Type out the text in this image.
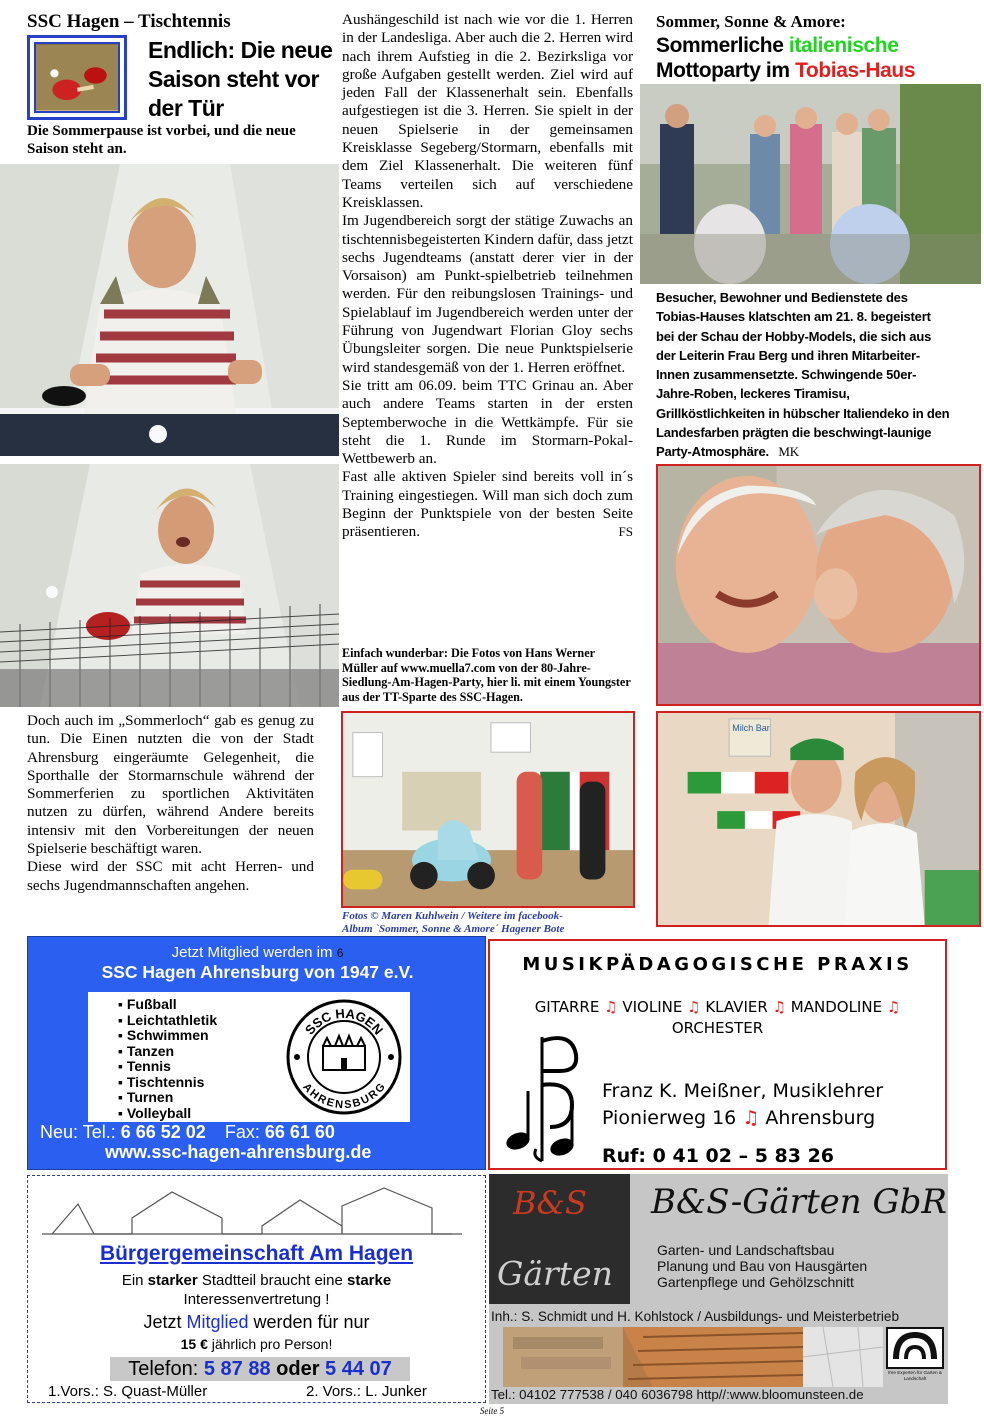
SSC Hagen – Tischtennis
Endlich: Die neue
Saison steht vor
der Tür
Die Sommerpause ist vorbei, und die neue Saison steht an.

Doch auch im „Sommerloch“ gab es genug zu tun. Die Einen nutzten die von der Stadt Ahrensburg eingeräumte Gelegenheit, die Sporthalle der Stormarnschule während der Sommerferien zu sportlichen Aktivitäten nutzen zu dürfen, während Andere bereits intensiv mit den Vorbereitungen der neuen Spielserie beschäftigt waren.

Diese wird der SSC mit acht Herren- und sechs Jugendmannschaften angehen.

Aushängeschild ist nach wie vor die 1. Herren in der Landesliga. Aber auch die 2. Herren wird nach ihrem Aufstieg in die 2. Bezirksliga vor große Aufgaben gestellt werden. Ziel wird auf jeden Fall der Klassenerhalt sein. Ebenfalls aufgestiegen ist die 3. Herren. Sie spielt in der neuen Spielserie in der gemeinsamen Kreisklasse Segeberg/Stormarn, ebenfalls mit dem Ziel Klassenerhalt. Die weiteren fünf Teams verteilen sich auf verschiedene Kreisklassen.

Im Jugendbereich sorgt der stätige Zuwachs an tischtennisbegeisterten Kindern dafür, dass jetzt sechs Jugendteams (anstatt derer vier in der Vorsaison) am Punkt-spielbetrieb teilnehmen werden. Für den reibungslosen Trainings- und Spielablauf im Jugendbereich werden unter der Führung von Jugendwart Florian Gloy sechs Übungsleiter sorgen. Die neue Punktspielserie wird standesgemäß von der 1. Herren eröffnet.

Sie tritt am 06.09. beim TTC Grinau an. Aber auch andere Teams starten in der ersten Septemberwoche in die Wettkämpfe. Für sie steht die 1. Runde im Stormarn-Pokal-Wettbewerb an.

Fast alle aktiven Spieler sind bereits voll in´s Training eingestiegen. Will man sich doch zum Beginn der Punktspiele von der besten Seite präsentieren.	FS

Einfach wunderbar: Die Fotos von Hans Werner Müller auf www.muella7.com von der 80-Jahre-Siedlung-Am-Hagen-Party, hier li. mit einem Youngster aus der TT-Sparte des SSC-Hagen.
Fotos © Maren Kuhlwein / Weitere im facebook-
Album `Sommer, Sonne & Amore´ Hagener Bote
Sommer, Sonne & Amore:
Sommerliche italienische
Mottoparty im Tobias-Haus
Besucher, Bewohner und Bedienstete des Tobias-Hauses klatschten am 21. 8. begeistert bei der Schau der Hobby-Models, die sich aus der Leiterin Frau Berg und ihren Mitarbeiter-Innen zusammensetzte. Schwingende 50er-Jahre-Roben, leckeres Tiramisu, Grillköstlichkeiten in hübscher Italiendeko in den Landesfarben prägten die beschwingt-launige Party-Atmosphäre. MK
Milch Bar
Jetzt Mitglied werden im 6
SSC Hagen Ahrensburg von 1947 e.V.
▪ Fußball
▪ Leichtathletik
▪ Schwimmen
▪ Tanzen
▪ Tennis
▪ Tischtennis
▪ Turnen
▪ Volleyball
SSC HAGEN
AHRENSBURG
Neu: Tel.: 6 66 52 02 Fax: 66 61 60
www.ssc-hagen-ahrensburg.de
MUSIKPÄDAGOGISCHE PRAXIS
GITARRE ♫ VIOLINE ♫ KLAVIER ♫ MANDOLINE ♫
ORCHESTER
Franz K. Meißner, Musiklehrer
Pionierweg 16 ♫ Ahrensburg
Ruf: 0 41 02 – 5 83 26
Bürgergemeinschaft Am Hagen
Ein starker Stadtteil braucht eine starke
Interessenvertretung !
Jetzt Mitglied werden für nur
15 € jährlich pro Person!
Telefon: 5 87 88 oder 5 44 07
1.Vors.: S. Quast-Müller	2. Vors.: L. Junker
B&S
Gärten
B&S-Gärten GbR
Garten- und Landschaftsbau
Planung und Bau von Hausgärten
Gartenpflege und Gehölzschnitt
Inh.: S. Schmidt und H. Kohlstock / Ausbildungs- und Meisterbetrieb
Ihre Experten für Garten & Landschaft
Tel.: 04102 777538 / 040 6036798 http//:www.bloomunsteen.de
Seite 5
